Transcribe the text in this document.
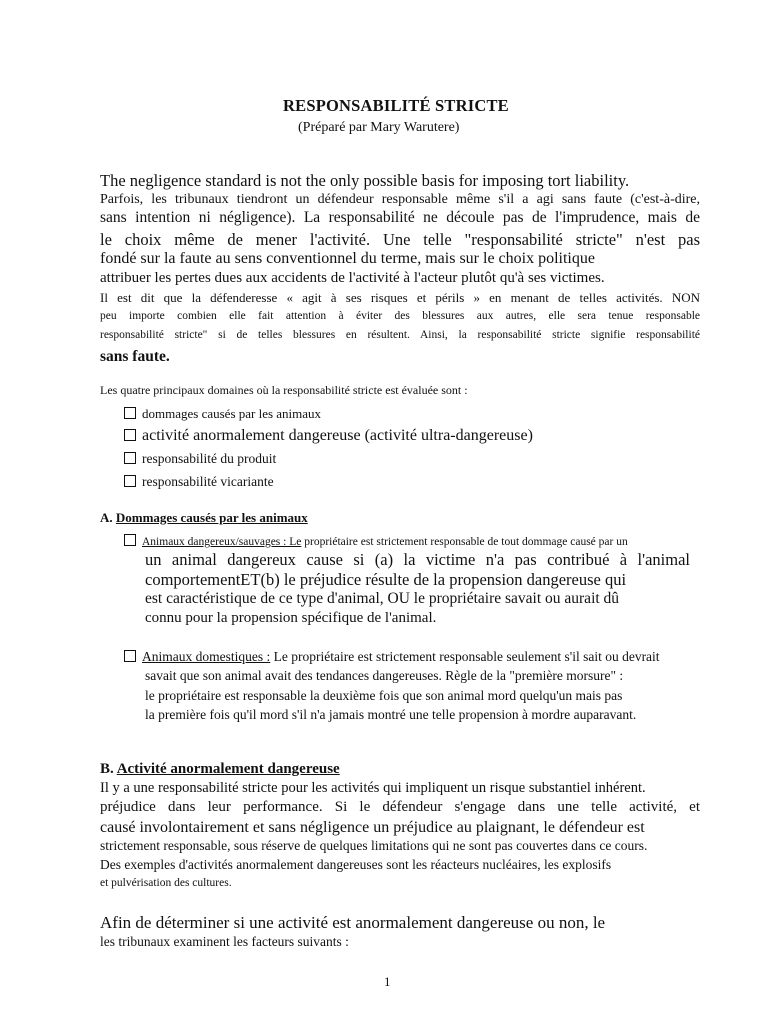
RESPONSABILITÉ STRICTE
(Préparé par Mary Warutere)
The negligence standard is not the only possible basis for imposing tort liability.
Parfois, les tribunaux tiendront un défendeur responsable même s'il a agi sans faute (c'est-à-dire,
sans intention ni négligence). La responsabilité ne découle pas de l'imprudence, mais de
le choix même de mener l'activité. Une telle "responsabilité stricte" n'est pas
fondé sur la faute au sens conventionnel du terme, mais sur le choix politique
attribuer les pertes dues aux accidents de l'activité à l'acteur plutôt qu'à ses victimes.
Il est dit que la défenderesse « agit à ses risques et périls » en menant de telles activités. NON
peu importe combien elle fait attention à éviter des blessures aux autres, elle sera tenue responsable
responsabilité stricte" si de telles blessures en résultent. Ainsi, la responsabilité stricte signifie responsabilité
sans faute.
Les quatre principaux domaines où la responsabilité stricte est évaluée sont :
dommages causés par les animaux
activité anormalement dangereuse (activité ultra-dangereuse)
responsabilité du produit
responsabilité vicariante
A. Dommages causés par les animaux
Animaux dangereux/sauvages : Le propriétaire est strictement responsable de tout dommage causé par un
un animal dangereux cause si (a) la victime n'a pas contribué à l'animal
comportementET(b) le préjudice résulte de la propension dangereuse qui
est caractéristique de ce type d'animal, OU le propriétaire savait ou aurait dû
connu pour la propension spécifique de l'animal.
Animaux domestiques : Le propriétaire est strictement responsable seulement s'il sait ou devrait
savait que son animal avait des tendances dangereuses. Règle de la "première morsure" :
le propriétaire est responsable la deuxième fois que son animal mord quelqu'un mais pas
la première fois qu'il mord s'il n'a jamais montré une telle propension à mordre auparavant.
B. Activité anormalement dangereuse
Il y a une responsabilité stricte pour les activités qui impliquent un risque substantiel inhérent.
préjudice dans leur performance. Si le défendeur s'engage dans une telle activité, et
causé involontairement et sans négligence un préjudice au plaignant, le défendeur est
strictement responsable, sous réserve de quelques limitations qui ne sont pas couvertes dans ce cours.
Des exemples d'activités anormalement dangereuses sont les réacteurs nucléaires, les explosifs
et pulvérisation des cultures.
Afin de déterminer si une activité est anormalement dangereuse ou non, le
les tribunaux examinent les facteurs suivants :
1
